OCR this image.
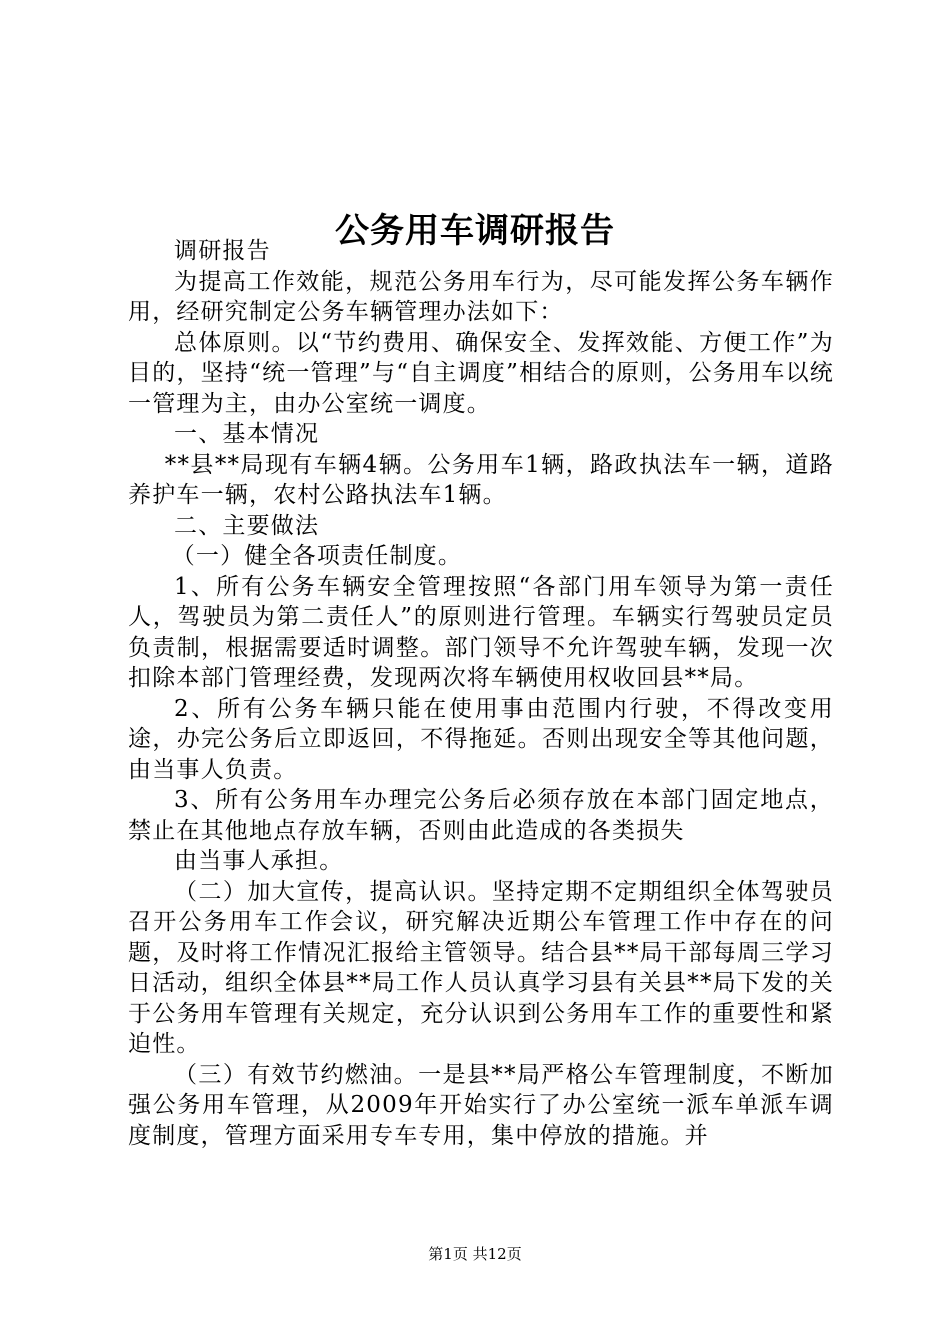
公务用车调研报告

调研报告

为提高工作效能，规范公务用车行为，尽可能发挥公务车辆作用，经研究制定公务车辆管理办法如下：

总体原则。以“节约费用、确保安全、发挥效能、方便工作”为目的，坚持“统一管理”与“自主调度”相结合的原则，公务用车以统一管理为主，由办公室统一调度。

一、基本情况

**县**局现有车辆4辆。公务用车1辆，路政执法车一辆，道路养护车一辆，农村公路执法车1辆。

二、主要做法

（一）健全各项责任制度。

1、所有公务车辆安全管理按照“各部门用车领导为第一责任人，驾驶员为第二责任人”的原则进行管理。车辆实行驾驶员定员负责制，根据需要适时调整。部门领导不允许驾驶车辆，发现一次扣除本部门管理经费，发现两次将车辆使用权收回县**局。

2、所有公务车辆只能在使用事由范围内行驶，不得改变用途，办完公务后立即返回，不得拖延。否则出现安全等其他问题，由当事人负责。

3、所有公务用车办理完公务后必须存放在本部门固定地点，禁止在其他地点存放车辆，否则由此造成的各类损失

由当事人承担。

（二）加大宣传，提高认识。坚持定期不定期组织全体驾驶员召开公务用车工作会议，研究解决近期公车管理工作中存在的问题，及时将工作情况汇报给主管领导。结合县**局干部每周三学习日活动，组织全体县**局工作人员认真学习县有关县**局下发的关于公务用车管理有关规定，充分认识到公务用车工作的重要性和紧迫性。

（三）有效节约燃油。一是县**局严格公车管理制度，不断加强公务用车管理，从2009年开始实行了办公室统一派车单派车调度制度，管理方面采用专车专用，集中停放的措施。并

第1页 共12页
